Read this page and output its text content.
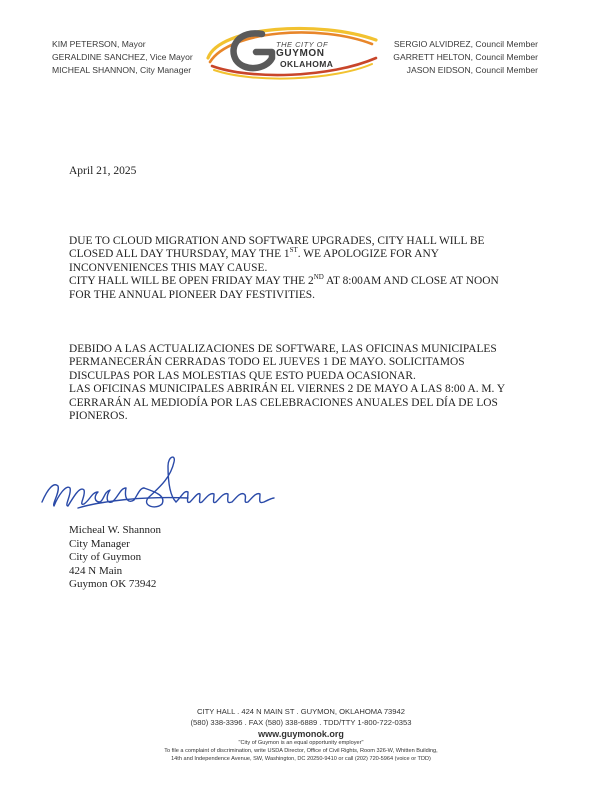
KIM PETERSON, Mayor
GERALDINE SANCHEZ, Vice Mayor
MICHEAL SHANNON, City Manager
THE CITY OF
GUYMON
OKLAHOMA
SERGIO ALVIDREZ, Council Member
GARRETT HELTON, Council Member
JASON EIDSON, Council Member
April 21, 2025
DUE TO CLOUD MIGRATION AND SOFTWARE UPGRADES, CITY HALL WILL BE
CLOSED ALL DAY THURSDAY, MAY THE 1ST. WE APOLOGIZE FOR ANY
INCONVENIENCES THIS MAY CAUSE.
CITY HALL WILL BE OPEN FRIDAY MAY THE 2ND AT 8:00AM AND CLOSE AT NOON
FOR THE ANNUAL PIONEER DAY FESTIVITIES.
DEBIDO A LAS ACTUALIZACIONES DE SOFTWARE, LAS OFICINAS MUNICIPALES
PERMANECERÁN CERRADAS TODO EL JUEVES 1 DE MAYO. SOLICITAMOS
DISCULPAS POR LAS MOLESTIAS QUE ESTO PUEDA OCASIONAR.
LAS OFICINAS MUNICIPALES ABRIRÁN EL VIERNES 2 DE MAYO A LAS 8:00 A. M. Y
CERRARÁN AL MEDIODÍA POR LAS CELEBRACIONES ANUALES DEL DÍA DE LOS
PIONEROS.
Micheal W. Shannon
City Manager
City of Guymon
424 N Main
Guymon OK 73942
CITY HALL . 424 N MAIN ST . GUYMON, OKLAHOMA 73942
(580) 338-3396 . FAX (580) 338-6889 . TDD/TTY 1-800-722-0353
www.guymonok.org
"City of Guymon is an equal opportunity employer"
To file a complaint of discrimination, write USDA Director, Office of Civil Rights, Room 326-W, Whitten Building,
14th and Independence Avenue, SW, Washington, DC 20250-9410 or call (202) 720-5964 (voice or TDD)
